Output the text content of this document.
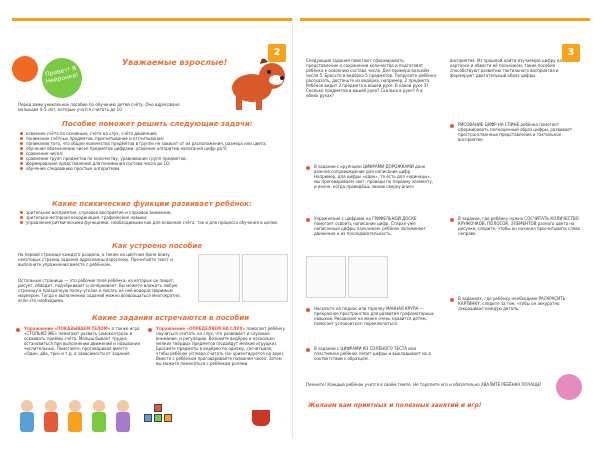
2
Привет! Я Нейронка!
Уважаемые взрослые!
Перед вами уникальное пособие по обучению детей счёту. Оно адресовано малышам 4–5 лет, которые учатся считать до 10.
Пособие поможет решить следующие задачи:
освоение счёта по основным, счёта на слух, счёта движений;
понимание счётных предметов, присчитывание и отсчитывание;
понимание того, что общее количество предметов в группе не зависит от их расположения, размера или цвета;
обучение обозначению чисел предметов цифрами, усвоение алгоритма написания цифр до 9;
сравнение чисел;
сравнение групп предметов по количеству, уравнивание групп предметов;
формирование представления для понимания состава числа до 10;
обучение следованию простым алгоритмам.
Какие психические функции развивает ребёнок:
зрительное восприятие, слуховое восприятие и слуховое внимание;
зрительно-моторная координация, графические навыки;
управление ритмическими функциями, необходимыми как для освоения счёта, так и для процесса обучения в целом.
Как устроено пособие
На первой странице каждого раздела, а также на цветном фоне внизу некоторых страниц задания адресованы взрослому. Прочитайте текст и выполните упражнения вместе с ребёнком.
Остальные страницы — это рабочие поля ребёнка, на которых он пишет, рисует, обводит, подчёркивает и зачёркивает. Вы можете вложить любую страницу в прозрачную папку-уголок и писать на ней водорастворимым маркером. Тогда к выполнению заданий можно возвращаться многократно, если это необходимо.
Какие задания встречаются в пособии
Упражнение «ПОКАЗЫВАЕМ ТЕЛОМ» а также игра «СТОЛЬКО ЖЕ» помогают развить самоконтроль и осваивать приёмы счёта. Малыш бывает трудно остановиться при выполнении движений и назывании числительных. Помогайте, проговаривая вместе «Один, два, три» и т.д. в зависимости от задания.
Упражнение «ОПРЕДЕЛЯЕМ НА СЛУХ» помогает ребёнку научиться считать на слух, что развивает и слуховое внимание, и регуляцию. Возьмите ведёрко и несколько мелких твёрдых предметов (подойдут мелкие игрушки). Бросайте предметы в ведёрко по одному, сосчитывая, чтобы ребёнок успевал считать (он ориентируется на звук). Вместе с ребёнком проговаривайте названия чисел. Затем вы можете поменяться с ребёнком ролями.
3
Следующие задания помогают сформировать представление о сохранении количества и подготовят ребёнка к освоению состава числа. Для примера возьмём число 5. Бросьте в ведёрко 5 предметов. Попросите ребёнка рассказать, достаньте из ведёрка, например, 2 предмета. Ребёнок видит 2 предмета в вашей руке. В какой руке 3? Сколько предметов в вашей руке? Сколько в руке? А в обеих руках?
В задании с крупными ЦИФРАМИ-ДОРОЖКАМИ дано важное сопровождение для написания цифр. Например, для цифры «один», то есть для «единицы», мы проговариваем «вот, проведи по первому элементу, и иначе, когда проведёшь линию сверху вниз».
Упражнение с цифрами на ГРИФЕЛЬНОЙ ДОСКЕ помогает освоить написание цифр. Стирая уже написанные цифры пальчиком, ребёнок запоминает движения и их последовательность.
Насыпьте на поднос или тарелку МАННАЯ КРУПА — прекрасное пространство для развития графомоторных навыков. Рисование на манке очень нравится детям, помогает успокоиться, переключиться.
В задании с ЦИФРАМИ ИЗ СОЛЁНОГО ТЕСТА или пластилина ребёнок лепит цифры и выкладывает их в соответствии с образцом.
восприятие. Из прошлой найти изучаемую цифру на карточке и обвести её пальчиком, такие пособия способствуют развитию тактильного восприятия и формируют двигательный образ цифры.
РИСОВАНИЕ ЦИФР НА СПИНЕ ребёнка помогает сформировать полноценный образ цифры, развивает пространственные представления и тактильное восприятие.
В задании, где ребёнку нужно СОСЧИТАТЬ КОЛИЧЕСТВО КРУЖОЧКОВ, ПОЛОСОК, ЭЛЕМЕНТОВ разного цвета на рисунке, следите, чтобы он начинал просчитывать слева направо.
В заданиях, где ребёнку необходимо РАСКРАСИТЬ КАРТИНКУ, следите за тем, чтобы он аккуратно закрашивал каждую деталь.
Помните! Каждый ребёнок учится в своём темпе. Не торопите его и обязательно ХВАЛИТЕ РЕБЁНКА ПОЧАЩЕ!
Желаем вам приятных и полезных занятий и игр!
